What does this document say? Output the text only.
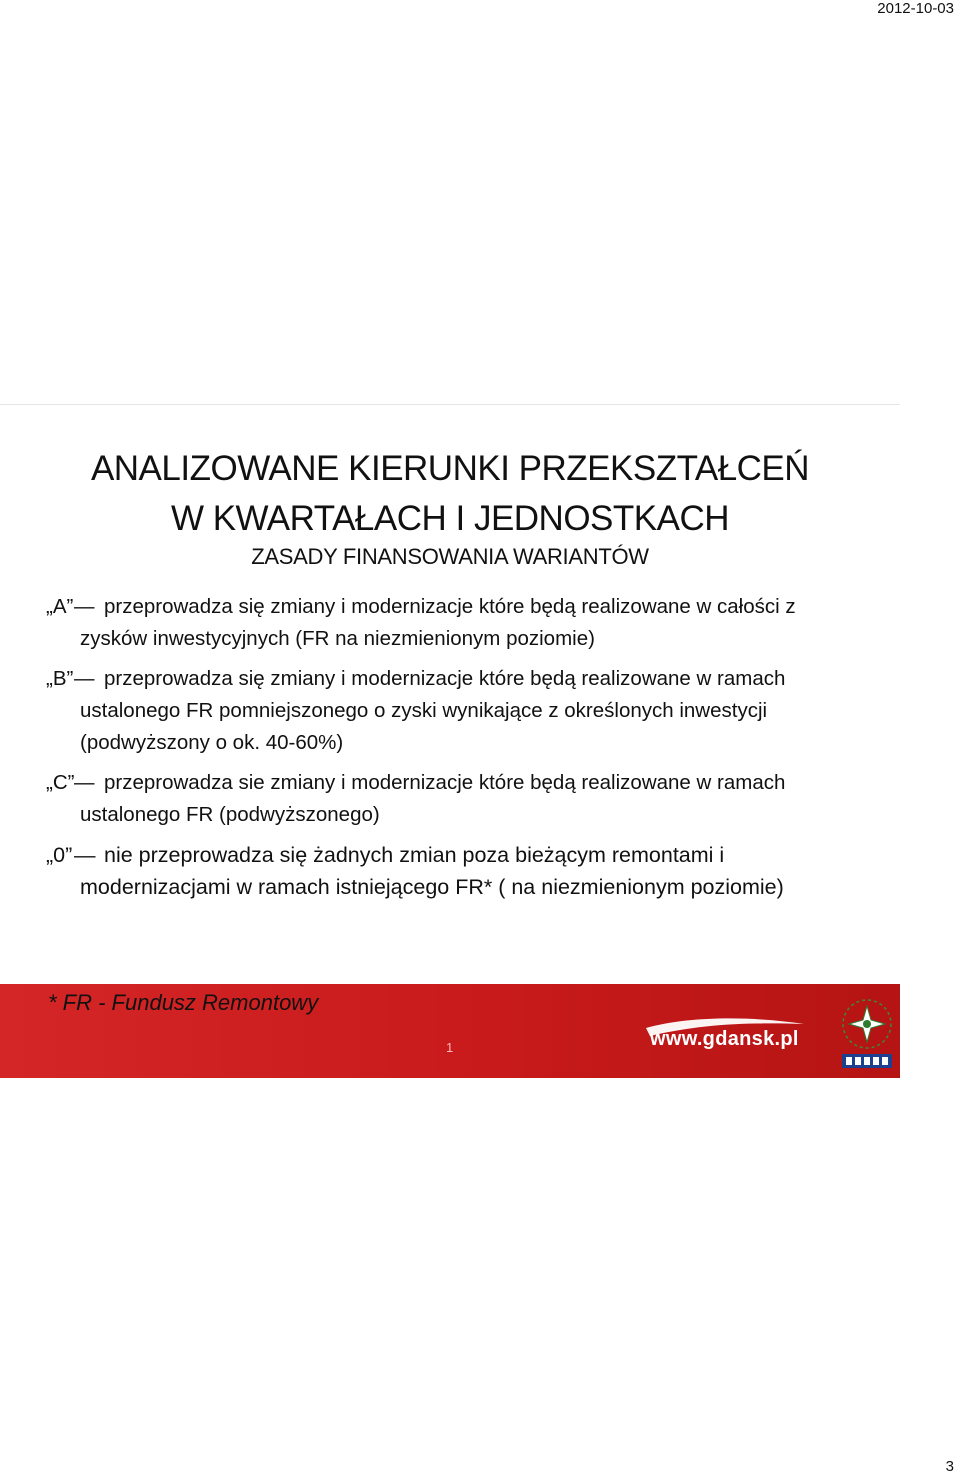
2012-10-03
ANALIZOWANE KIERUNKI PRZEKSZTAŁCEŃ
W KWARTAŁACH I JEDNOSTKACH
ZASADY FINANSOWANIA WARIANTÓW
„A”— przeprowadza się zmiany i modernizacje które będą realizowane w całości z zysków inwestycyjnych (FR na niezmienionym poziomie)
„B”— przeprowadza się zmiany i modernizacje które będą realizowane w ramach ustalonego FR pomniejszonego o zyski wynikające z określonych inwestycji (podwyższony o ok. 40-60%)
„C”— przeprowadza sie zmiany i modernizacje które będą realizowane w ramach ustalonego FR (podwyższonego)
„0”— nie przeprowadza się żadnych zmian poza bieżącym remontami i modernizacjami w ramach istniejącego FR* ( na niezmienionym poziomie)
* FR - Fundusz Remontowy
1	www.gdansk.pl
3
